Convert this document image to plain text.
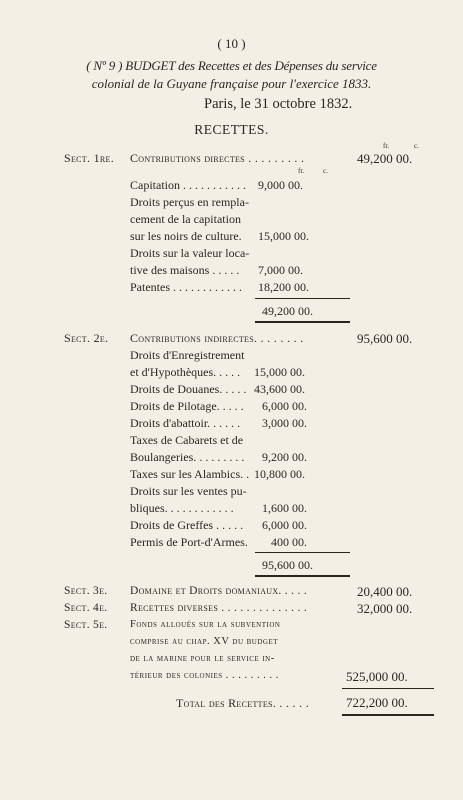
( 10 )
( Nº 9 ) BUDGET des Recettes et des Dépenses du service
colonial de la Guyane française pour l'exercice 1833.
Paris, le 31 octobre 1832.
RECETTES.
fr.	c.
Sect. 1re. Contributions directes . . . . . . . . .	49,200 00.
fr.	c.
Capitation . . . . . . . . . . . 9,000 00.
Droits perçus en rempla-
cement de la capitation
sur les noirs de culture. 15,000 00.
Droits sur la valeur loca-
tive des maisons . . . . . 7,000 00.
Patentes . . . . . . . . . . . . 18,200 00.
49,200 00.
Sect. 2e. Contributions indirectes. . . . . . . .	95,600 00.
Droits d'Enregistrement
et d'Hypothèques. . . . . 15,000 00.
Droits de Douanes. . . . . 43,600 00.
Droits de Pilotage. . . . . 6,000 00.
Droits d'abattoir. . . . . . 3,000 00.
Taxes de Cabarets et de
Boulangeries. . . . . . . . . 9,200 00.
Taxes sur les Alambics. . 10,800 00.
Droits sur les ventes pu-
bliques. . . . . . . . . . . . 1,600 00.
Droits de Greffes . . . . . 6,000 00.
Permis de Port-d'Armes. 400 00.
95,600 00.
Sect. 3e. Domaine et Droits domaniaux. . . . .	20,400 00.
Sect. 4e. Recettes diverses . . . . . . . . . . . . . .	32,000 00.
Sect. 5e. Fonds alloués sur la subvention
comprise au chap. XV du budget
de la marine pour le service in-
térieur des colonies . . . . . . . . .	525,000 00.
Total des Recettes. . . . . .	722,200 00.
